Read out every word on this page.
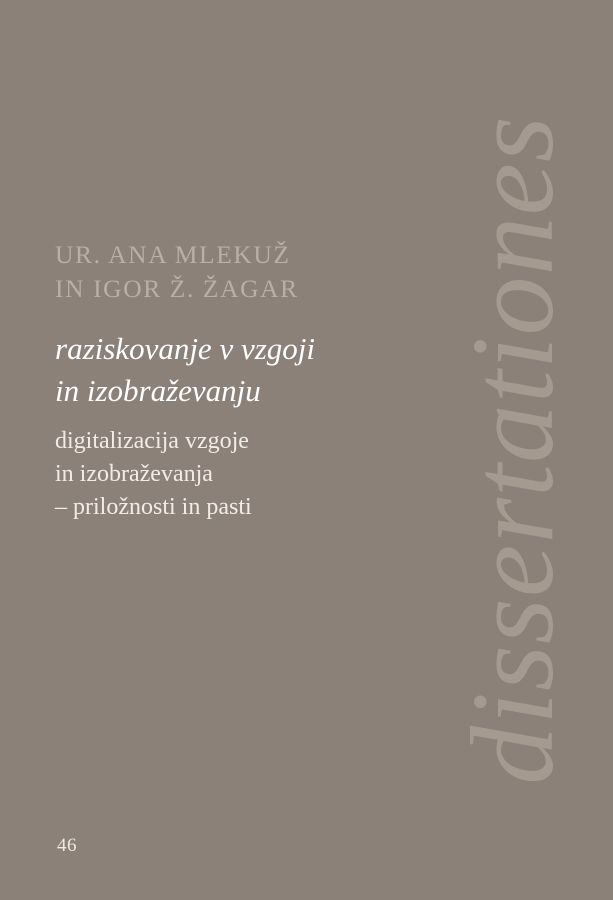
dissertationes
UR. ANA MLEKUŽ
IN IGOR Ž. ŽAGAR
raziskovanje v vzgoji
in izobraževanju
digitalizacija vzgoje
in izobraževanja
– priložnosti in pasti
46
